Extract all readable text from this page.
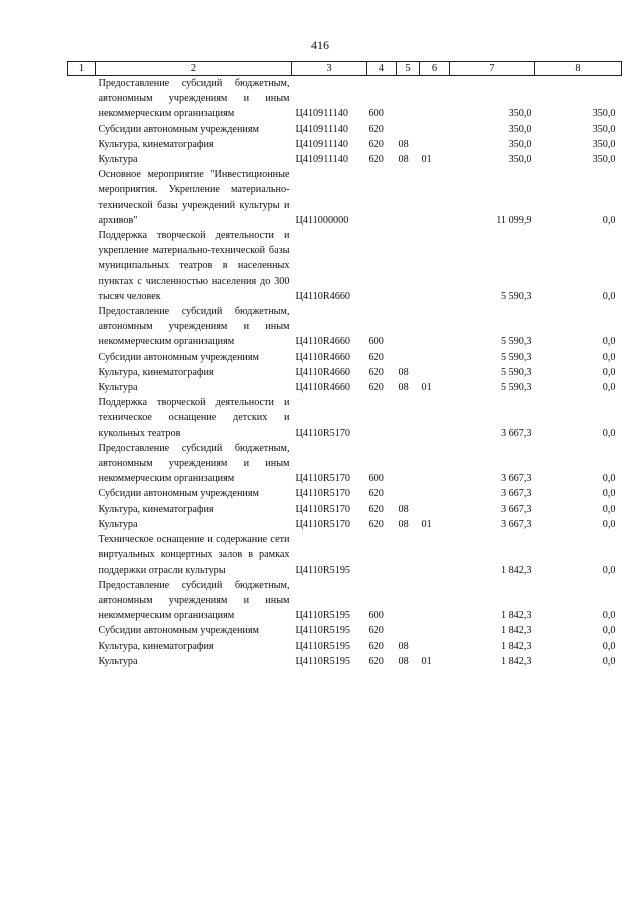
416
1	2	3	4	5	6	7	8
	Предоставление субсидий бюджетным, автономным учреждениям и иным некоммерческим организациям	Ц410911140	600			350,0	350,0
	Субсидии автономным учреждениям	Ц410911140	620			350,0	350,0
	Культура, кинематография	Ц410911140	620	08		350,0	350,0
	Культура	Ц410911140	620	08	01	350,0	350,0
	Основное мероприятие "Инвестиционные мероприятия. Укрепление материально-технической базы учреждений культуры и архивов"	Ц411000000				11 099,9	0,0
	Поддержка творческой деятельности и укрепление материально-технической базы муниципальных театров в населенных пунктах с численностью населения до 300 тысяч человек	Ц4110R4660				5 590,3	0,0
	Предоставление субсидий бюджетным, автономным учреждениям и иным некоммерческим организациям	Ц4110R4660	600			5 590,3	0,0
	Субсидии автономным учреждениям	Ц4110R4660	620			5 590,3	0,0
	Культура, кинематография	Ц4110R4660	620	08		5 590,3	0,0
	Культура	Ц4110R4660	620	08	01	5 590,3	0,0
	Поддержка творческой деятельности и техническое оснащение детских и кукольных театров	Ц4110R5170				3 667,3	0,0
	Предоставление субсидий бюджетным, автономным учреждениям и иным некоммерческим организациям	Ц4110R5170	600			3 667,3	0,0
	Субсидии автономным учреждениям	Ц4110R5170	620			3 667,3	0,0
	Культура, кинематография	Ц4110R5170	620	08		3 667,3	0,0
	Культура	Ц4110R5170	620	08	01	3 667,3	0,0
	Техническое оснащение и содержание сети виртуальных концертных залов в рамках поддержки отрасли культуры	Ц4110R5195				1 842,3	0,0
	Предоставление субсидий бюджетным, автономным учреждениям и иным некоммерческим организациям	Ц4110R5195	600			1 842,3	0,0
	Субсидии автономным учреждениям	Ц4110R5195	620			1 842,3	0,0
	Культура, кинематография	Ц4110R5195	620	08		1 842,3	0,0
	Культура	Ц4110R5195	620	08	01	1 842,3	0,0
